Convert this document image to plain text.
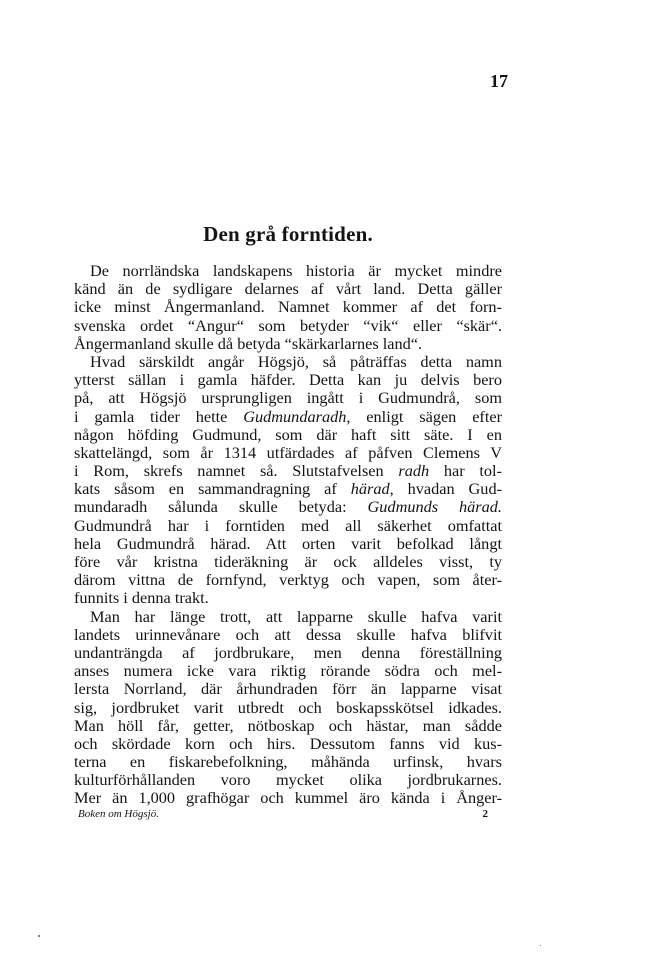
17
Den grå forntiden.
De norrländska landskapens historia är mycket mindre
känd än de sydligare delarnes af vårt land. Detta gäller
icke minst Ångermanland. Namnet kommer af det forn-
svenska ordet “Angur“ som betyder “vik“ eller “skär“.
Ångermanland skulle då betyda “skärkarlarnes land“.
Hvad särskildt angår Högsjö, så påträffas detta namn
ytterst sällan i gamla häfder. Detta kan ju delvis bero
på, att Högsjö ursprungligen ingått i Gudmundrå, som
i gamla tider hette Gudmundaradh, enligt sägen efter
någon höfding Gudmund, som där haft sitt säte. I en
skattelängd, som år 1314 utfärdades af påfven Clemens V
i Rom, skrefs namnet så. Slutstafvelsen radh har tol-
kats såsom en sammandragning af härad, hvadan Gud-
mundaradh sålunda skulle betyda: Gudmunds härad.
Gudmundrå har i forntiden med all säkerhet omfattat
hela Gudmundrå härad. Att orten varit befolkad långt
före vår kristna tideräkning är ock alldeles visst, ty
därom vittna de fornfynd, verktyg och vapen, som åter-
funnits i denna trakt.
Man har länge trott, att lapparne skulle hafva varit
landets urinnevånare och att dessa skulle hafva blifvit
undanträngda af jordbrukare, men denna föreställning
anses numera icke vara riktig rörande södra och mel-
lersta Norrland, där århundraden förr än lapparne visat
sig, jordbruket varit utbredt och boskapsskötsel idkades.
Man höll får, getter, nötboskap och hästar, man sådde
och skördade korn och hirs. Dessutom fanns vid kus-
terna en fiskarebefolkning, måhända urfinsk, hvars
kulturförhållanden voro mycket olika jordbrukarnes.
Mer än 1,000 grafhögar och kummel äro kända i Ånger-
Boken om Högsjö.	2
